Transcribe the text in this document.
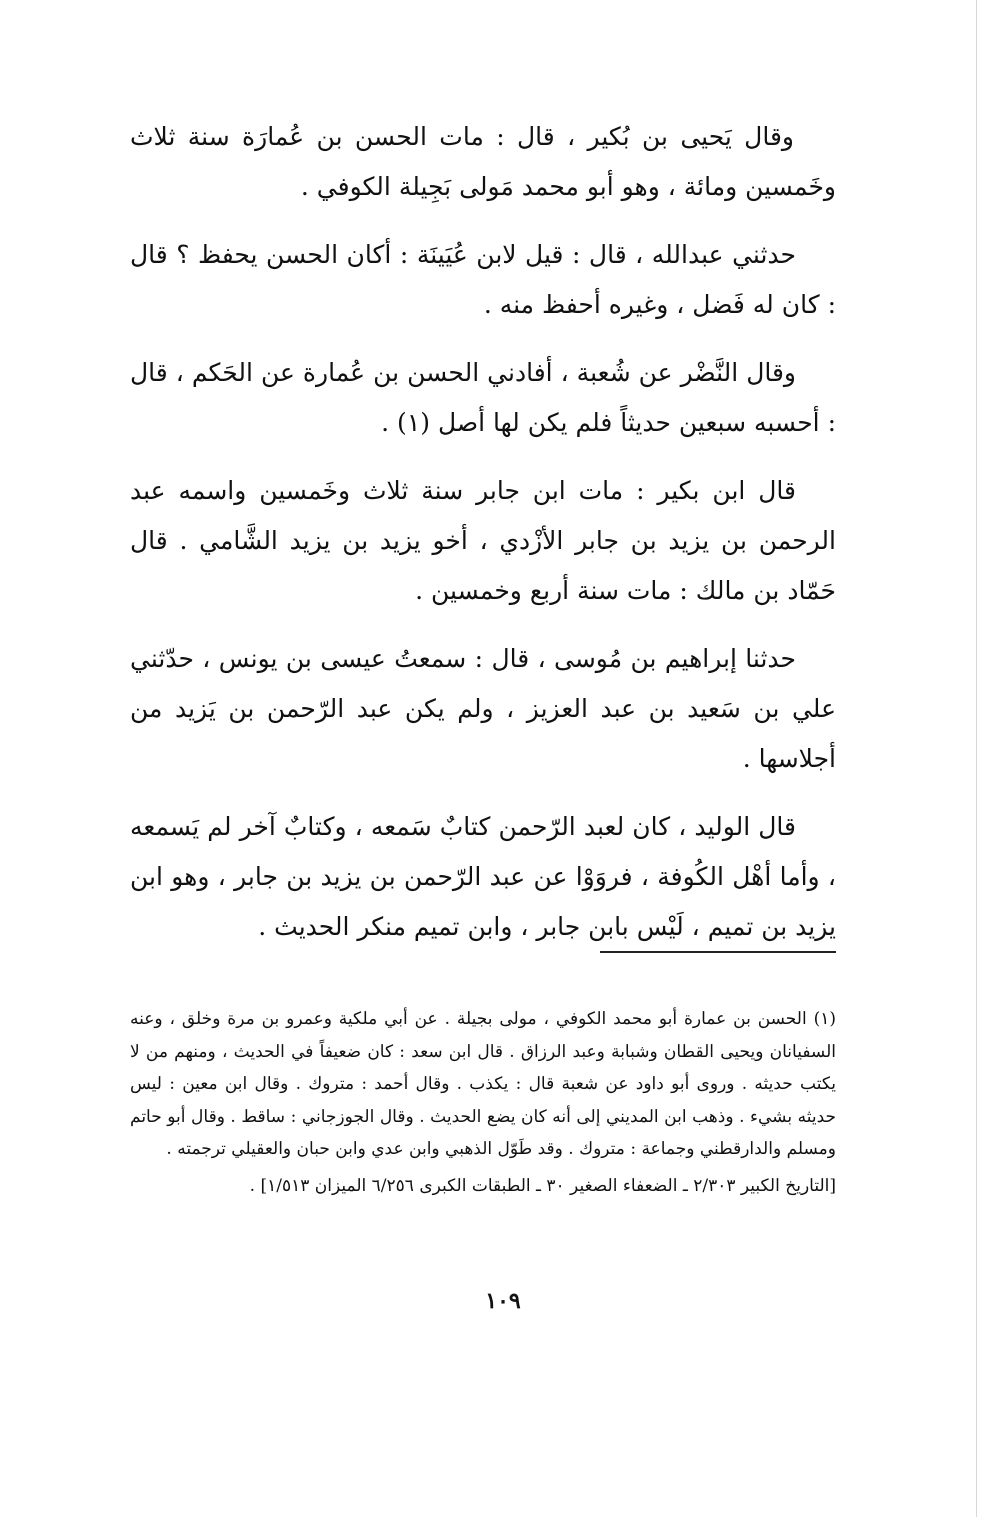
وقال يَحيى بن بُكير ، قال : مات الحسن بن عُمارَة سنة ثلاث وخَمسين ومائة ، وهو أبو محمد مَولى بَجِيلة الكوفي .

حدثني عبدالله ، قال : قيل لابن عُيَينَة : أكان الحسن يحفظ ؟ قال : كان له فَضل ، وغيره أحفظ منه .

وقال النَّضْر عن شُعبة ، أفادني الحسن بن عُمارة عن الحَكم ، قال : أحسبه سبعين حديثاً فلم يكن لها أصل (١) .

قال ابن بكير : مات ابن جابر سنة ثلاث وخَمسين واسمه عبد الرحمن بن يزيد بن جابر الأزْدي ، أخو يزيد بن يزيد الشَّامي . قال حَمّاد بن مالك : مات سنة أربع وخمسين .

حدثنا إبراهيم بن مُوسى ، قال : سمعتُ عيسى بن يونس ، حدّثني علي بن سَعيد بن عبد العزيز ، ولم يكن عبد الرّحمن بن يَزيد من أجلاسها .

قال الوليد ، كان لعبد الرّحمن كتابٌ سَمعه ، وكتابٌ آخر لم يَسمعه ، وأما أهْل الكُوفة ، فروَوْا عن عبد الرّحمن بن يزيد بن جابر ، وهو ابن يزيد بن تميم ، لَيْس بابن جابر ، وابن تميم منكر الحديث .

(١) الحسن بن عمارة أبو محمد الكوفي ، مولى بجيلة . عن أبي ملكية وعمرو بن مرة وخلق ، وعنه السفيانان ويحيى القطان وشبابة وعبد الرزاق . قال ابن سعد : كان ضعيفاً في الحديث ، ومنهم من لا يكتب حديثه . وروى أبو داود عن شعبة قال : يكذب . وقال أحمد : متروك . وقال ابن معين : ليس حديثه بشيء . وذهب ابن المديني إلى أنه كان يضع الحديث . وقال الجوزجاني : ساقط . وقال أبو حاتم ومسلم والدارقطني وجماعة : متروك . وقد طَوّل الذهبي وابن عدي وابن حبان والعقيلي ترجمته .

[التاريخ الكبير ٢/٣٠٣ ـ الضعفاء الصغير ٣٠ ـ الطبقات الكبرى ٦/٢٥٦ الميزان ١/٥١٣] .

١٠٩
